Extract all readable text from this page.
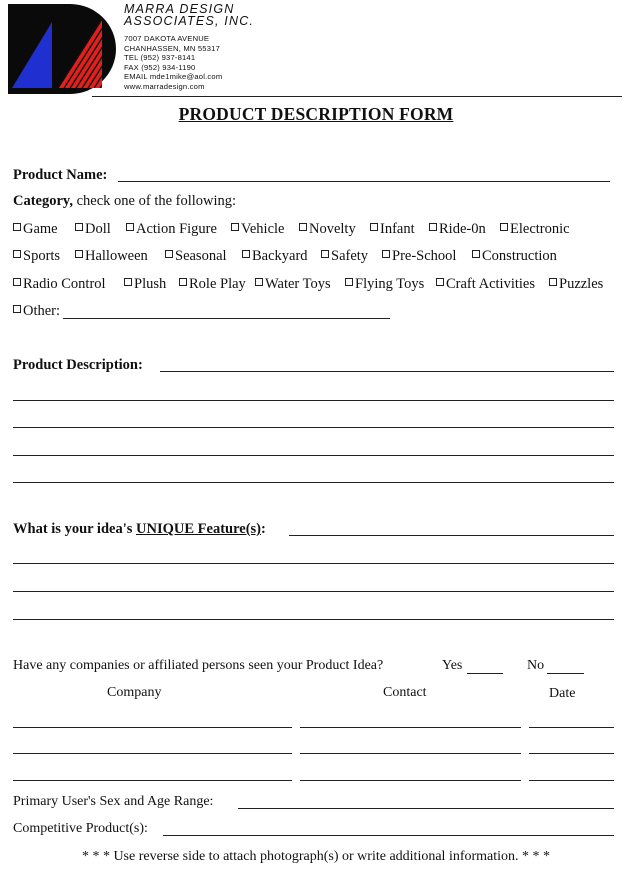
MARRA DESIGN
ASSOCIATES, INC.
7007 DAKOTA AVENUE
CHANHASSEN, MN 55317
TEL (952) 937-8141
FAX (952) 934-1190
EMAIL mde1mike@aol.com
www.marradesign.com
PRODUCT DESCRIPTION FORM
Product Name:
Category, check one of the following:
Game	Doll	Action Figure	Vehicle	Novelty	Infant	Ride-0n	Electronic
Sports	Halloween	Seasonal	Backyard	Safety	Pre-School	Construction
Radio Control	Plush	Role Play	Water Toys	Flying Toys	Craft Activities	Puzzles
Other:
Product Description:
What is your idea's UNIQUE Feature(s):
Have any companies or affiliated persons seen your Product Idea?	Yes	No
Company	Contact	Date
Primary User's Sex and Age Range:
Competitive Product(s):
* * * Use reverse side to attach photograph(s) or write additional information. * * *
